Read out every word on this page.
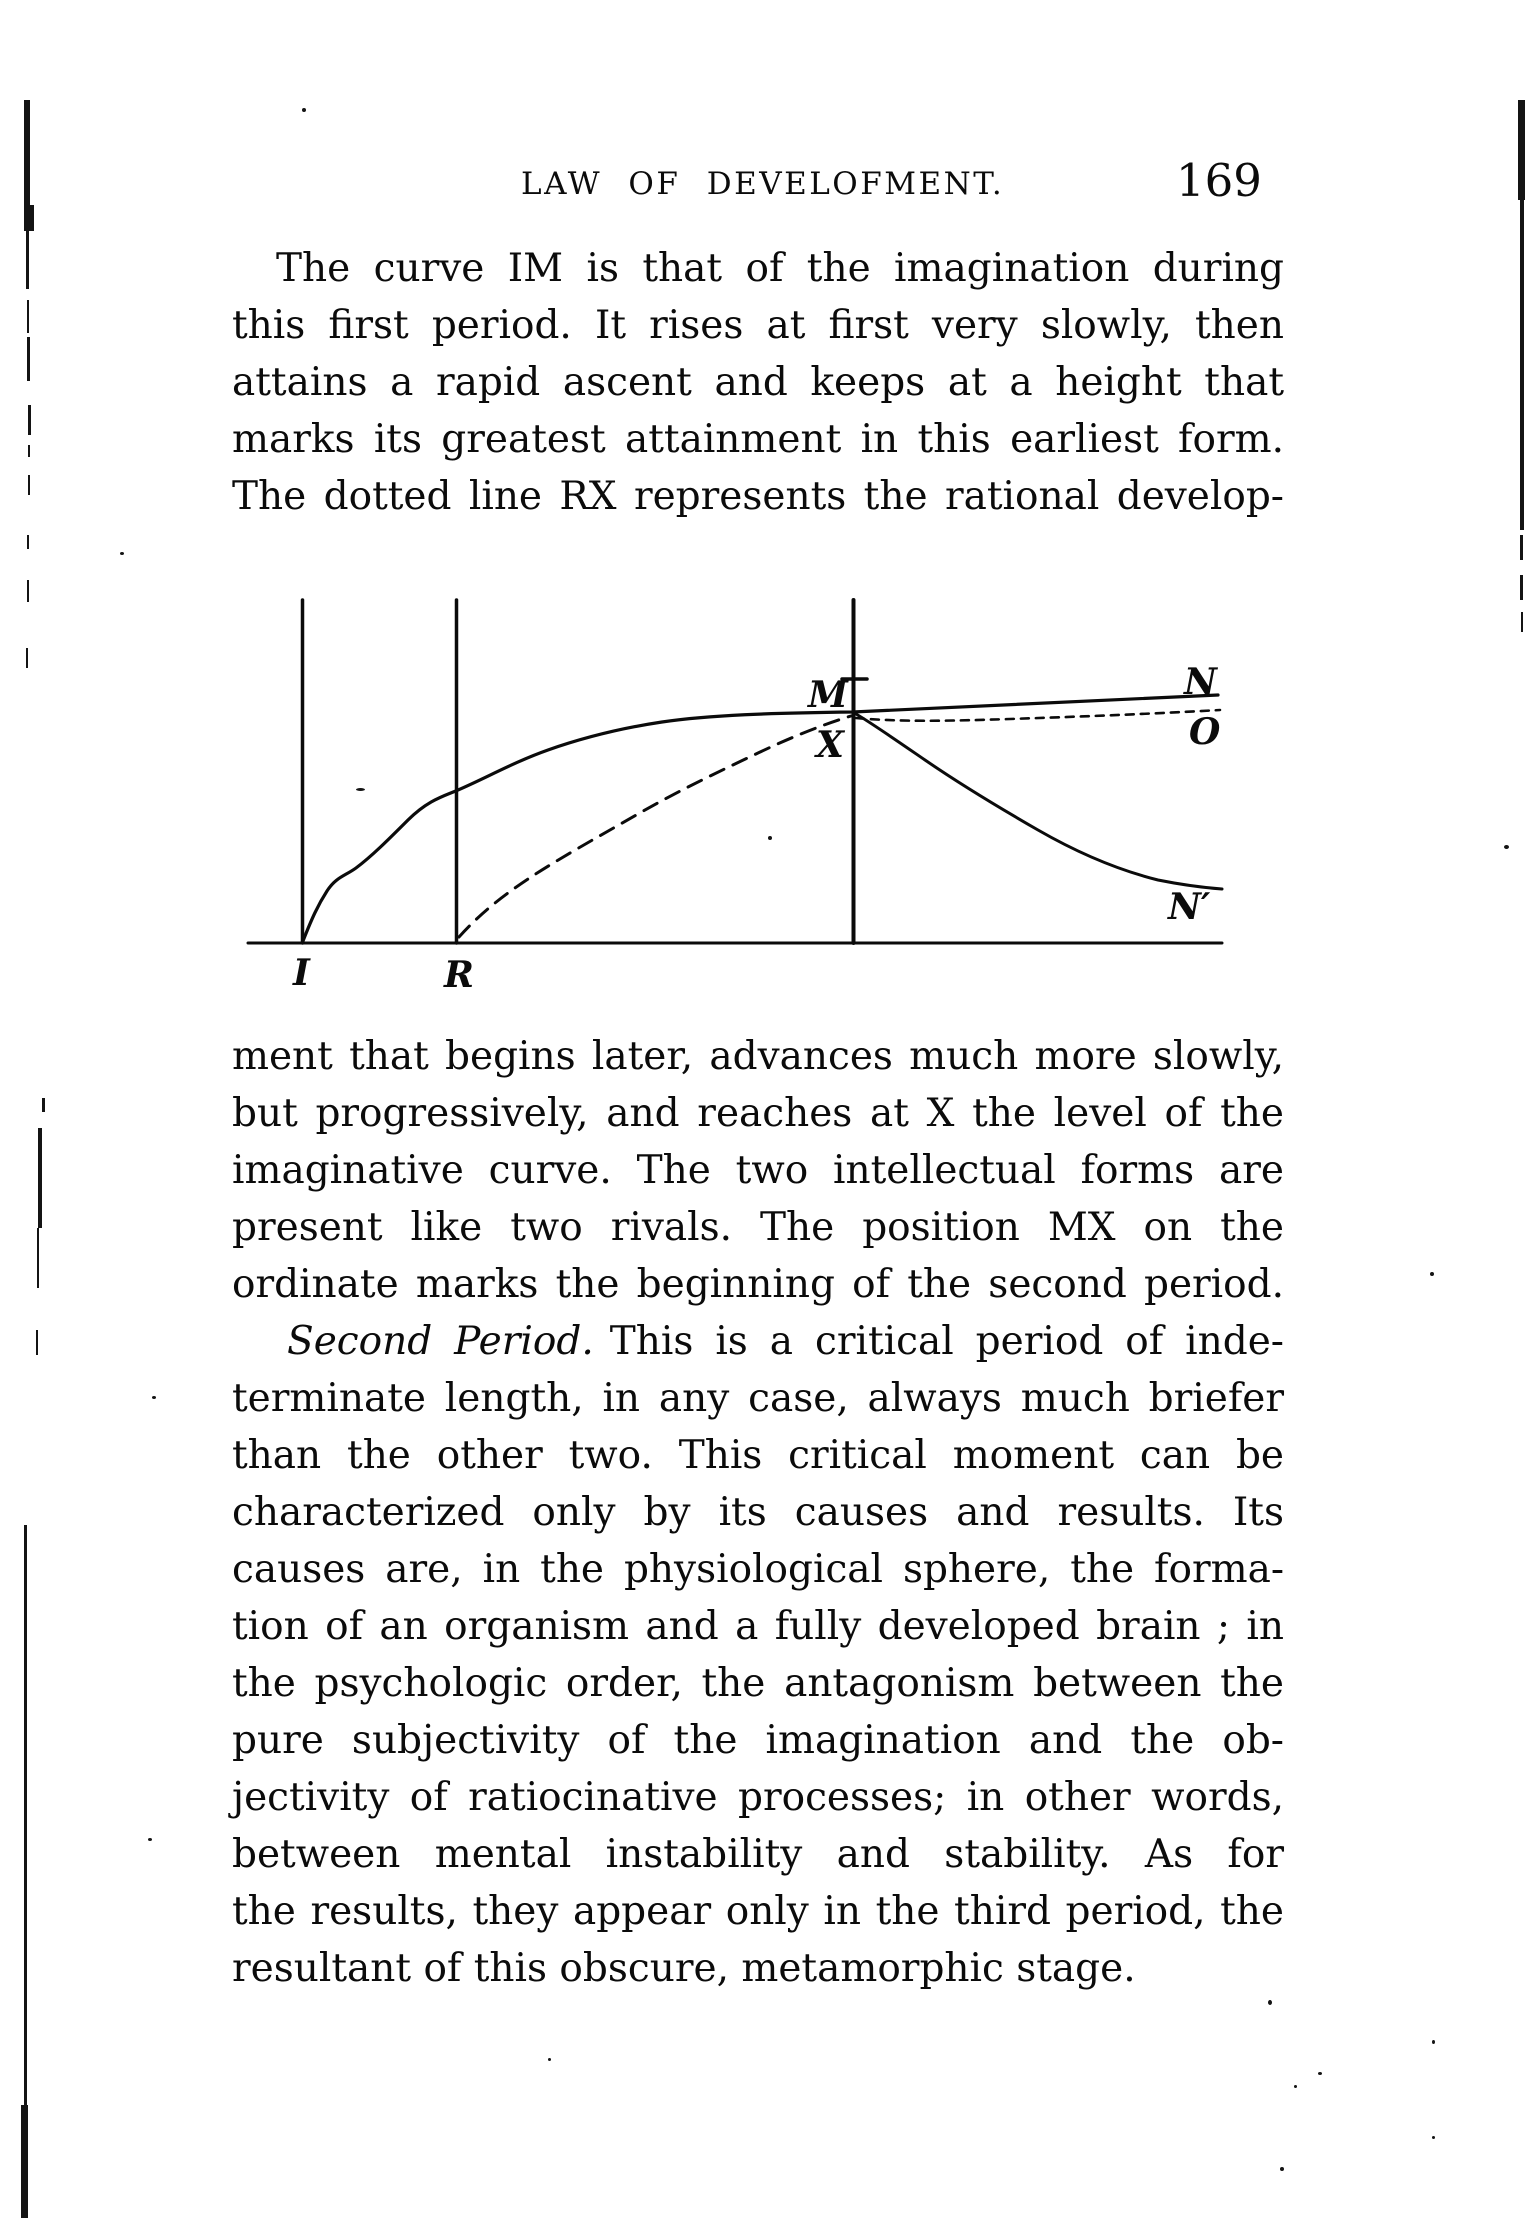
LAW OF DEVELOFMENT.	169
The curve IM is that of the imagination during
this first period. It rises at first very slowly, then
attains a rapid ascent and keeps at a height that
marks its greatest attainment in this earliest form.
The dotted line RX represents the rational develop-
I	R
M
X
N
O
N′
ment that begins later, advances much more slowly,
but progressively, and reaches at X the level of the
imaginative curve. The two intellectual forms are
present like two rivals. The position MX on the
ordinate marks the beginning of the second period.
Second Period. This is a critical period of inde-
terminate length, in any case, always much briefer
than the other two. This critical moment can be
characterized only by its causes and results. Its
causes are, in the physiological sphere, the forma-
tion of an organism and a fully developed brain ; in
the psychologic order, the antagonism between the
pure subjectivity of the imagination and the ob-
jectivity of ratiocinative processes; in other words,
between mental instability and stability. As for
the results, they appear only in the third period, the
resultant of this obscure, metamorphic stage.
